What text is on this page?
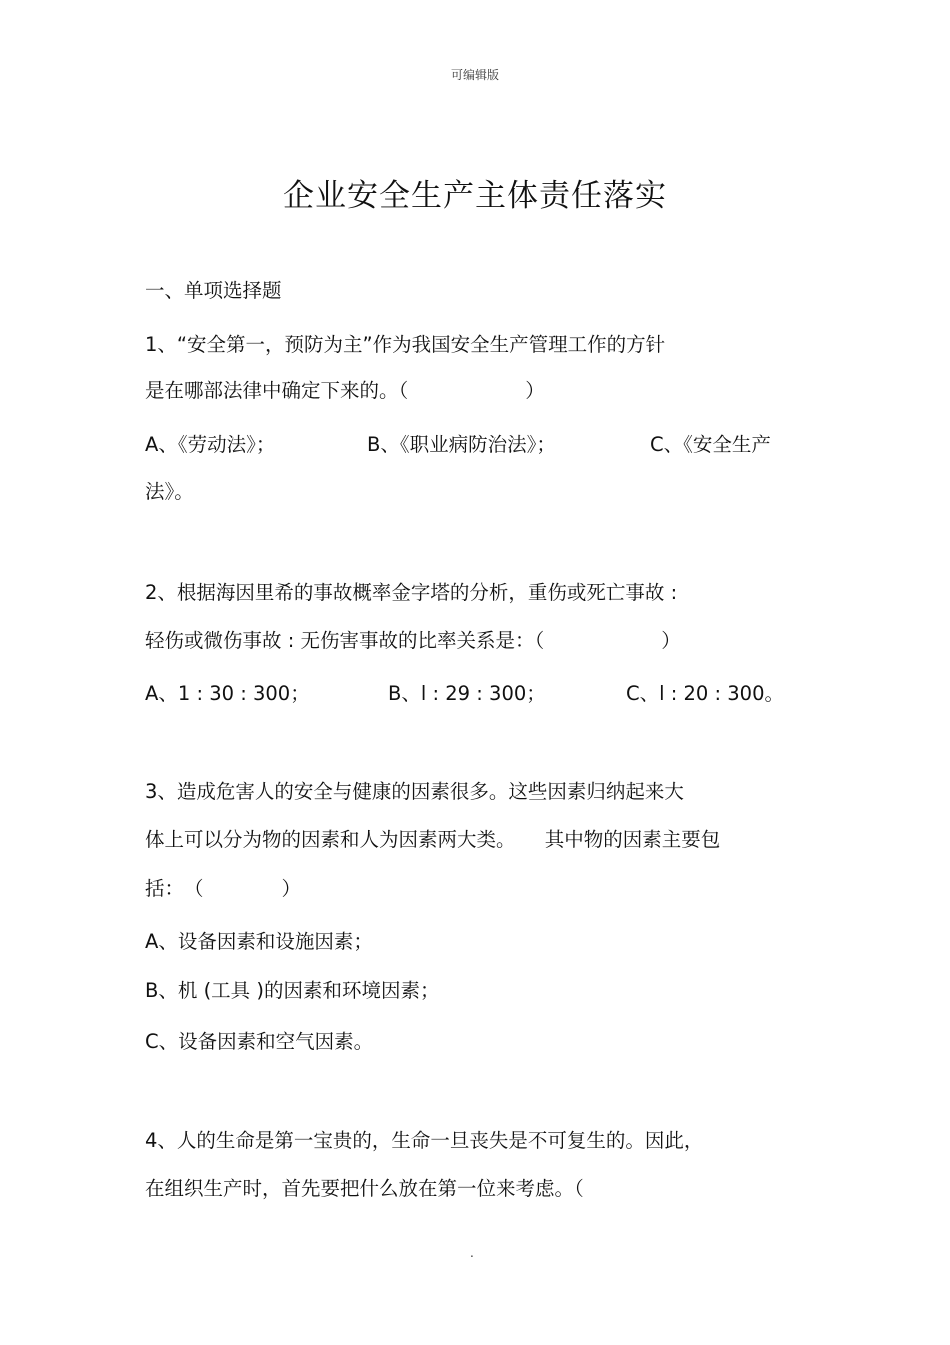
可编辑版
企业安全生产主体责任落实
一、单项选择题
1、“安全第一，预防为主”作为我国安全生产管理工作的方针
是在哪部法律中确定下来的。（　　　　　　）
A、《劳动法》；	B、《职业病防治法》；	C、《安全生产
法》。
2、根据海因里希的事故概率金字塔的分析，重伤或死亡事故 :
轻伤或微伤事故 : 无伤害事故的比率关系是：（　　　　　　）
A、1 : 30 : 300；	B、l : 29 : 300；	C、l : 20 : 300。
3、造成危害人的安全与健康的因素很多。这些因素归纳起来大
体上可以分为物的因素和人为因素两大类。　　其中物的因素主要包
括：　（　　　　）
A、设备因素和设施因素；
B、机 (工具 )的因素和环境因素；
C、设备因素和空气因素。
4、人的生命是第一宝贵的，生命一旦丧失是不可复生的。因此，
在组织生产时，首先要把什么放在第一位来考虑。（
.
